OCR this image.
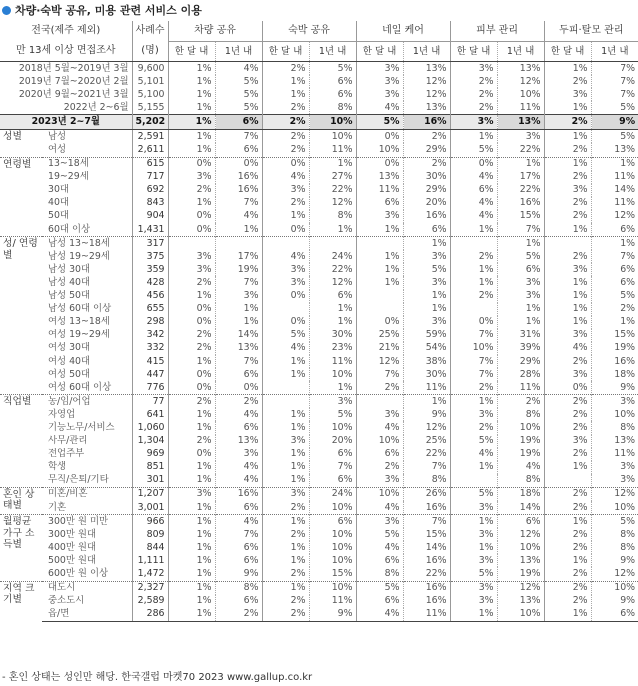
차량·숙박 공유, 미용 관련 서비스 이용
전국(제주 제외)		사례수	차량 공유		숙박 공유		네일 케어		피부 관리		두피·탈모 관리	
만 13세 이상 면접조사		(명)	한 달 내	1년 내	한 달 내	1년 내	한 달 내	1년 내	한 달 내	1년 내	한 달 내	1년 내
2018년 5월~2019년 3월		9,600	1%	4%	2%	5%	3%	13%	3%	13%	1%	7%
2019년 7월~2020년 2월		5,101	1%	5%	1%	6%	3%	12%	2%	12%	2%	7%
2020년 9월~2021년 3월		5,100	1%	5%	1%	6%	3%	12%	2%	10%	3%	7%
2022년 2~6월		5,155	1%	5%	2%	8%	4%	13%	2%	11%	1%	5%
2023년 2~7월		5,202	1%	6%	2%	10%	5%	16%	3%	13%	2%	9%
성별	남성	2,591	1%	7%	2%	10%	0%	2%	1%	3%	1%	5%
	여성	2,611	1%	6%	2%	11%	10%	29%	5%	22%	2%	13%
연령별	13~18세	615	0%	0%	0%	1%	0%	2%	0%	1%	1%	1%
	19~29세	717	3%	16%	4%	27%	13%	30%	4%	17%	2%	11%
	30대	692	2%	16%	3%	22%	11%	29%	6%	22%	3%	14%
	40대	843	1%	7%	2%	12%	6%	20%	4%	16%	2%	11%
	50대	904	0%	4%	1%	8%	3%	16%	4%	15%	2%	12%
	60대 이상	1,431	0%	1%	0%	1%	1%	6%	1%	7%	1%	6%
성/ 연령별	남성 13~18세	317						1%		1%		1%
	남성 19~29세	375	3%	17%	4%	24%	1%	3%	2%	5%	2%	7%
	남성 30대	359	3%	19%	3%	22%	1%	5%	1%	6%	3%	6%
	남성 40대	428	2%	7%	3%	12%	1%	3%	1%	3%	1%	6%
	남성 50대	456	1%	3%	0%	6%		1%	2%	3%	1%	5%
	남성 60대 이상	655	0%	1%		1%		1%		1%	1%	2%
	여성 13~18세	298	0%	1%	0%	1%	0%	3%	0%	1%	1%	1%
	여성 19~29세	342	2%	14%	5%	30%	25%	59%	7%	31%	3%	15%
	여성 30대	332	2%	13%	4%	23%	21%	54%	10%	39%	4%	19%
	여성 40대	415	1%	7%	1%	11%	12%	38%	7%	29%	2%	16%
	여성 50대	447	0%	6%	1%	10%	7%	30%	7%	28%	3%	18%
	여성 60대 이상	776	0%	0%		1%	2%	11%	2%	11%	0%	9%
직업별	농/임/어업	77	2%	2%		3%		1%	1%	2%	2%	3%
	자영업	641	1%	4%	1%	5%	3%	9%	3%	8%	2%	10%
	기능노무/서비스	1,060	1%	6%	1%	10%	4%	12%	2%	10%	2%	8%
	사무/관리	1,304	2%	13%	3%	20%	10%	25%	5%	19%	3%	13%
	전업주부	969	0%	3%	1%	6%	6%	22%	4%	19%	2%	11%
	학생	851	1%	4%	1%	7%	2%	7%	1%	4%	1%	3%
	무직/은퇴/기타	301	1%	4%	1%	6%	3%	8%		8%		3%
혼인 상태별	미혼/비혼	1,207	3%	16%	3%	24%	10%	26%	5%	18%	2%	12%
	기혼	3,001	1%	6%	2%	10%	4%	16%	3%	14%	2%	10%
월평균 가구 소득별	300만 원 미만	966	1%	4%	1%	6%	3%	7%	1%	6%	1%	5%
	300만 원대	809	1%	7%	2%	10%	5%	15%	3%	12%	2%	8%
	400만 원대	844	1%	6%	1%	10%	4%	14%	1%	10%	2%	8%
	500만 원대	1,111	1%	6%	1%	10%	6%	16%	3%	13%	1%	9%
	600만 원 이상	1,472	1%	9%	2%	15%	8%	22%	5%	19%	2%	12%
지역 크기별	대도시	2,327	1%	8%	1%	10%	5%	16%	3%	12%	2%	10%
	중소도시	2,589	1%	6%	2%	11%	6%	16%	3%	13%	2%	9%
	읍/면	286	1%	2%	2%	9%	4%	11%	1%	10%	1%	6%
- 혼인 상태는 성인만 해당. 한국갤럽 마켓70 2023 www.gallup.co.kr
